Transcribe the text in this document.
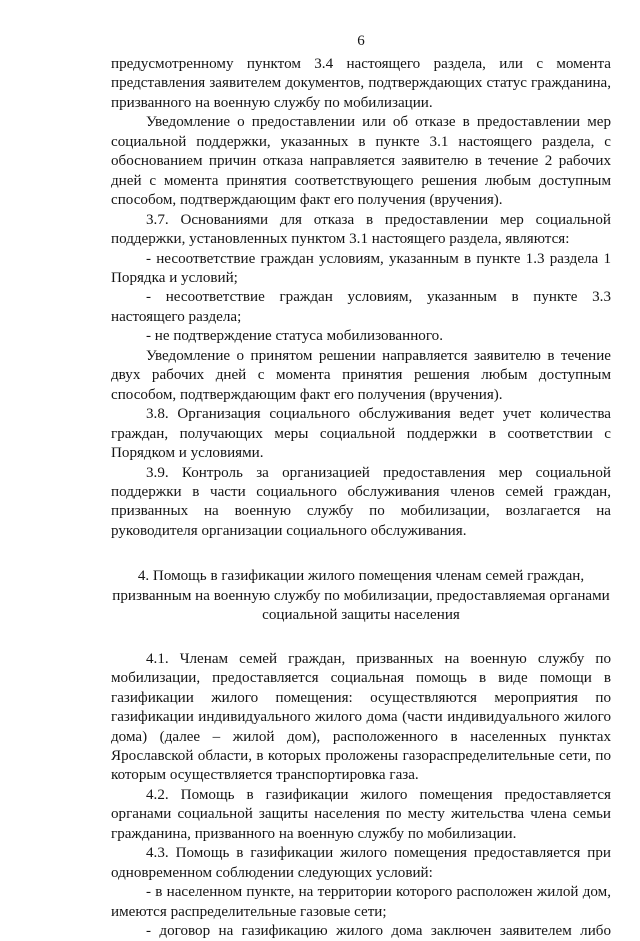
6

предусмотренному пунктом 3.4 настоящего раздела, или с момента представления заявителем документов, подтверждающих статус гражданина, призванного на военную службу по мобилизации.

Уведомление о предоставлении или об отказе в предоставлении мер социальной поддержки, указанных в пункте 3.1 настоящего раздела, с обоснованием причин отказа направляется заявителю в течение 2 рабочих дней с момента принятия соответствующего решения любым доступным способом, подтверждающим факт его получения (вручения).

3.7. Основаниями для отказа в предоставлении мер социальной поддержки, установленных пунктом 3.1 настоящего раздела, являются:

- несоответствие граждан условиям, указанным в пункте 1.3 раздела 1 Порядка и условий;

- несоответствие граждан условиям, указанным в пункте 3.3 настоящего раздела;

- не подтверждение статуса мобилизованного.

Уведомление о принятом решении направляется заявителю в течение двух рабочих дней с момента принятия решения любым доступным способом, подтверждающим факт его получения (вручения).

3.8. Организация социального обслуживания ведет учет количества граждан, получающих меры социальной поддержки в соответствии с Порядком и условиями.

3.9. Контроль за организацией предоставления мер социальной поддержки в части социального обслуживания членов семей граждан, призванных на военную службу по мобилизации, возлагается на руководителя организации социального обслуживания.

4. Помощь в газификации жилого помещения членам семей граждан,

призванным на военную службу по мобилизации, предоставляемая органами

социальной защиты населения

4.1. Членам семей граждан, призванных на военную службу по мобилизации, предоставляется социальная помощь в виде помощи в газификации жилого помещения: осуществляются мероприятия по газификации индивидуального жилого дома (части индивидуального жилого дома) (далее – жилой дом), расположенного в населенных пунктах Ярославской области, в которых проложены газораспределительные сети, по которым осуществляется транспортировка газа.

4.2. Помощь в газификации жилого помещения предоставляется органами социальной защиты населения по месту жительства члена семьи гражданина, призванного на военную службу по мобилизации.

4.3. Помощь в газификации жилого помещения предоставляется при одновременном соблюдении следующих условий:

- в населенном пункте, на территории которого расположен жилой дом, имеются распределительные газовые сети;

- договор на газификацию жилого дома заключен заявителем либо
